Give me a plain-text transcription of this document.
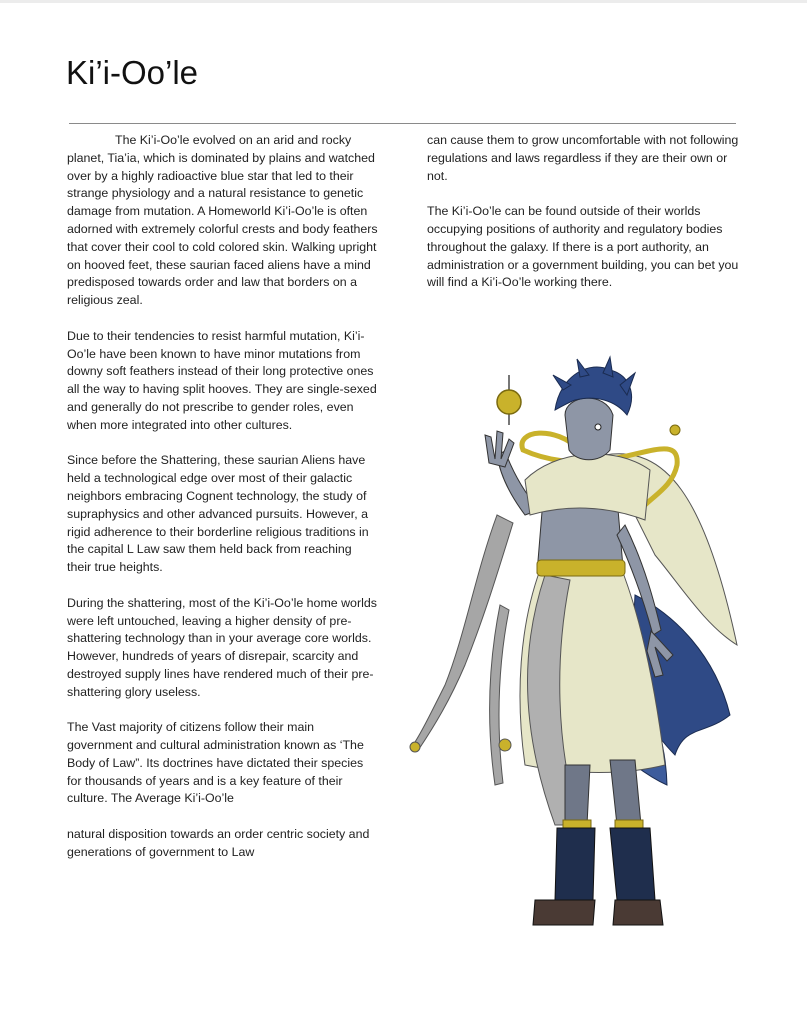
Ki’i-Oo’le

The Ki’i-Oo’le evolved on an arid and rocky planet, Tia’ia, which is dominated by plains and watched over by a highly radioactive blue star that led to their strange physiology and a natural resistance to genetic damage from mutation. A Homeworld Ki’i-Oo’le is often adorned with extremely colorful crests and body feathers that cover their cool to cold colored skin. Walking upright on hooved feet, these saurian faced aliens have a mind predisposed towards order and law that borders on a religious zeal.

Due to their tendencies to resist harmful mutation, Ki’i-Oo’le have been known to have minor mutations from downy soft feathers instead of their long protective ones all the way to having split hooves. They are single-sexed and generally do not prescribe to gender roles, even when more integrated into other cultures.

Since before the Shattering, these saurian Aliens have held a technological edge over most of their galactic neighbors embracing Cognent technology, the study of supraphysics and other advanced pursuits. However, a rigid adherence to their borderline religious traditions in the capital L Law saw them held back from reaching their true heights.

During the shattering, most of the Ki’i-Oo’le home worlds were left untouched, leaving a higher density of pre-shattering technology than in your average core worlds. However, hundreds of years of disrepair, scarcity and destroyed supply lines have rendered much of their pre-shattering glory useless.

The Vast majority of citizens follow their main government and cultural administration known as ‘The Body of Law”. Its doctrines have dictated their species for thousands of years and is a key feature of their culture. The Average Ki’i-Oo’le

natural disposition towards an order centric society and generations of government to Law

can cause them to grow uncomfortable with not following regulations and laws regardless if they are their own or not.

The Ki’i-Oo’le can be found outside of their worlds occupying positions of authority and regulatory bodies throughout the galaxy. If there is a port authority, an administration or a government building, you can bet you will find a Ki’i-Oo’le working there.
